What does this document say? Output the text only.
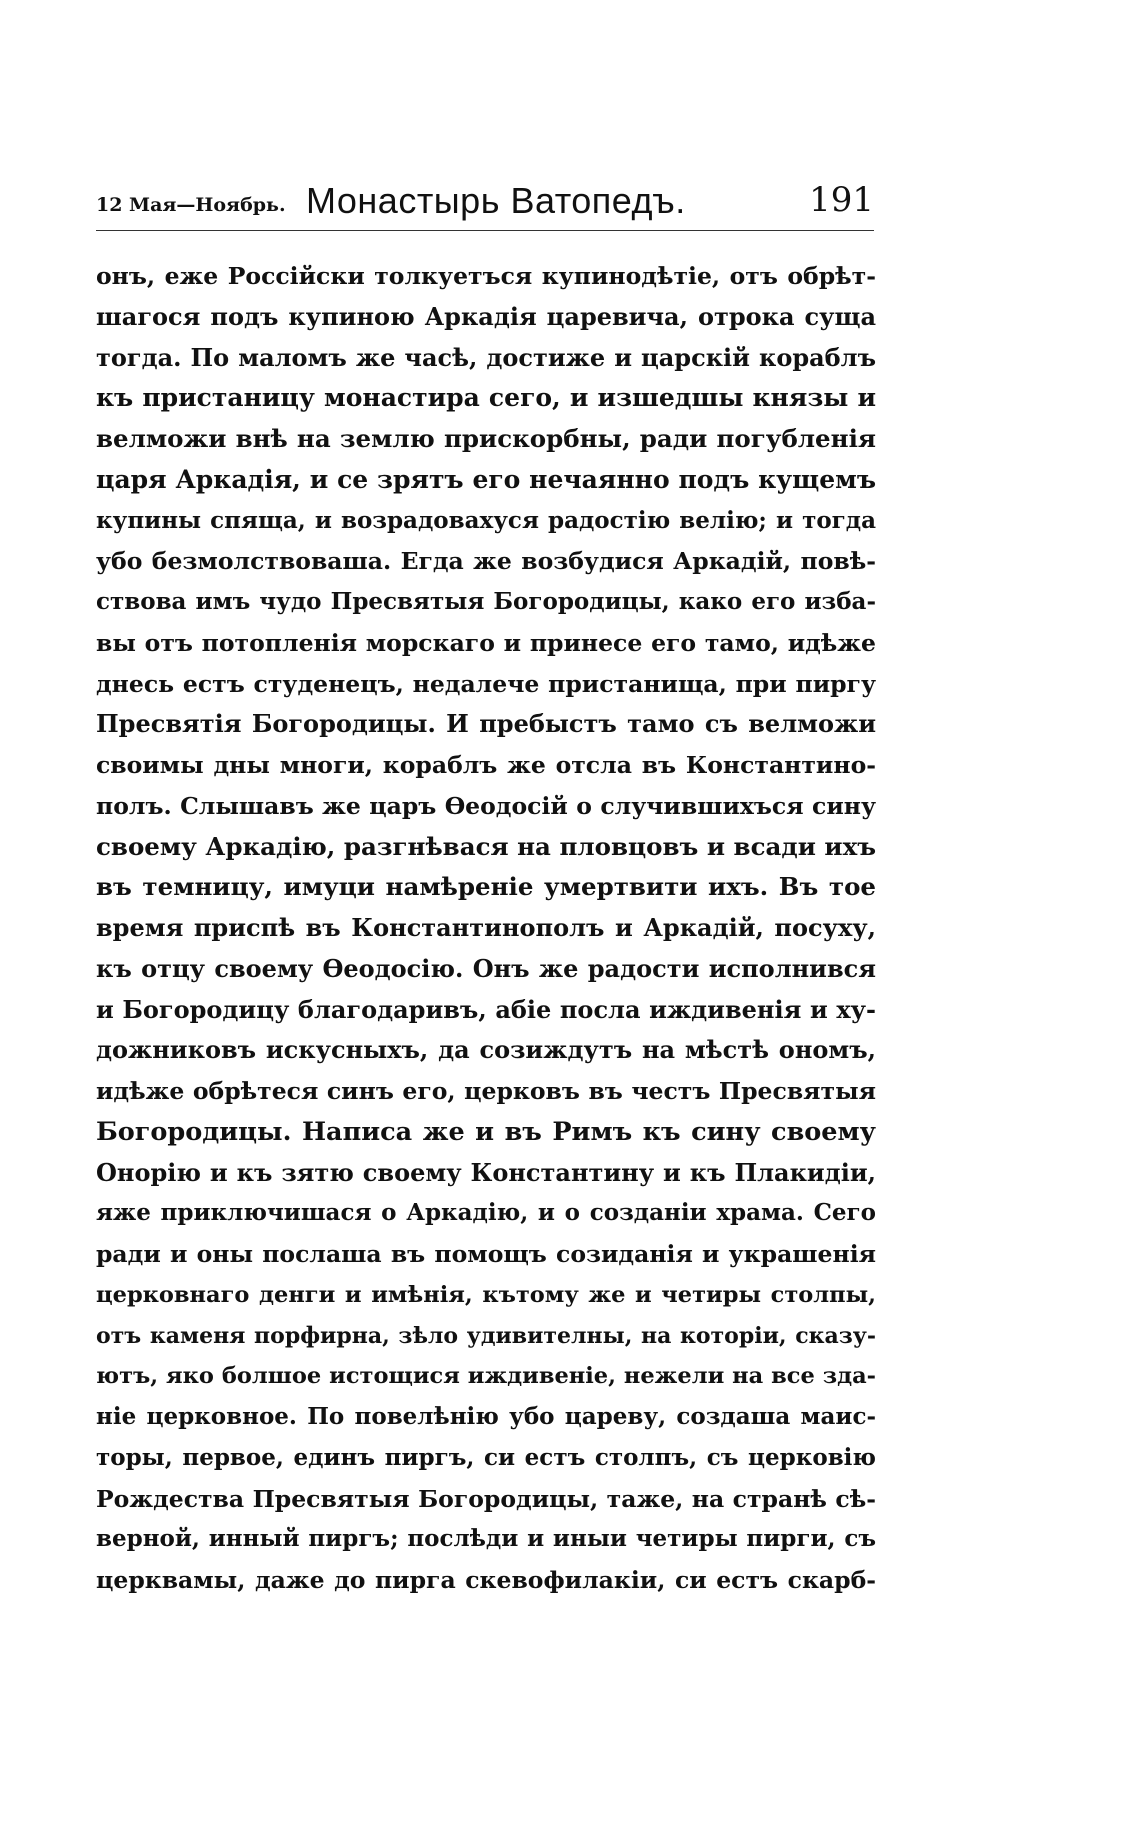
12 Мая—Ноябрь. Монастырь Ватопедъ.	191
онъ, еже Россійски толкуетъся купинодѣтіе, отъ обрѣт-
шагося подъ купиною Аркадія царевича, отрока суща
тогда. По маломъ же часѣ, достиже и царскій кораблъ
къ пристаницу монастира сего, и изшедшы князы и
велможи внѣ на землю прискорбны, ради погубленія
царя Аркадія, и се зрятъ его нечаянно подъ кущемъ
купины спяща, и возрадовахуся радостію велію; и тогда
убо безмолствоваша. Егда же возбудися Аркадій, повѣ-
ствова имъ чудо Пресвятыя Богородицы, како его изба-
вы отъ потопленія морскаго и принесе его тамо, идѣже
днесь естъ студенецъ, недалече пристанища, при пиргу
Пресвятія Богородицы. И пребыстъ тамо съ велможи
своимы дны многи, кораблъ же отсла въ Константино-
полъ. Слышавъ же царъ Ѳеодосій о случившихъся сину
своему Аркадію, разгнѣвася на пловцовъ и всади ихъ
въ темницу, имуци намѣреніе умертвити ихъ. Въ тое
время приспѣ въ Константинополъ и Аркадій, посуху,
къ отцу своему Ѳеодосію. Онъ же радости исполнився
и Богородицу благодаривъ, абіе посла иждивенія и ху-
дожниковъ искусныхъ, да созиждутъ на мѣстѣ ономъ,
идѣже обрѣтеся синъ его, церковъ въ честъ Пресвятыя
Богородицы. Написа же и въ Римъ къ сину своему
Онорію и къ зятю своему Константину и къ Плакидіи,
яже приключишася о Аркадію, и о созданіи храма. Сего
ради и оны послаша въ помощъ созиданія и украшенія
церковнаго денги и имѣнія, кътому же и четиры столпы,
отъ каменя порфирна, зѣло удивителны, на которіи, сказу-
ютъ, яко болшое истощися иждивеніе, нежели на все зда-
ніе церковное. По повелѣнію убо цареву, создаша маис-
торы, первое, единъ пиргъ, си естъ столпъ, съ церковію
Рождества Пресвятыя Богородицы, таже, на странѣ сѣ-
верной, инный пиргъ; послѣди и иныи четиры пирги, съ
церквамы, даже до пирга скевофилакіи, си естъ скарб-
